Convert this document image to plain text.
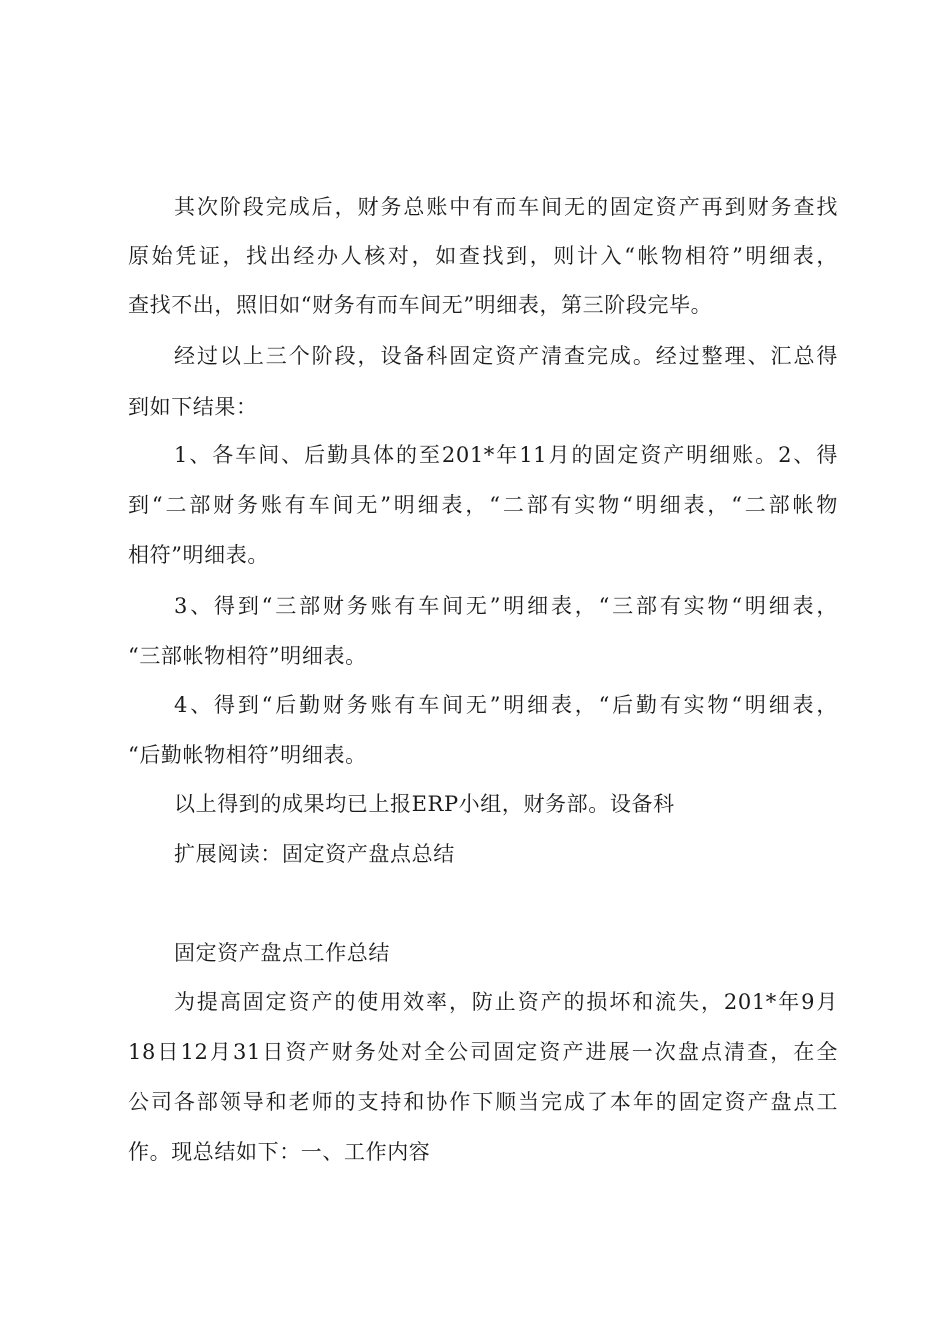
其次阶段完成后，财务总账中有而车间无的固定资产再到财务查找
原始凭证，找出经办人核对，如查找到，则计入“帐物相符”明细表，
查找不出，照旧如“财务有而车间无”明细表，第三阶段完毕。
经过以上三个阶段，设备科固定资产清查完成。经过整理、汇总得
到如下结果：
1、各车间、后勤具体的至201*年11月的固定资产明细账。2、得
到“二部财务账有车间无”明细表，“二部有实物“明细表，“二部帐物
相符”明细表。
3、得到“三部财务账有车间无”明细表，“三部有实物“明细表，
“三部帐物相符”明细表。
4、得到“后勤财务账有车间无”明细表，“后勤有实物“明细表，
“后勤帐物相符”明细表。
以上得到的成果均已上报ERP小组，财务部。设备科
扩展阅读：固定资产盘点总结
固定资产盘点工作总结
为提高固定资产的使用效率，防止资产的损坏和流失，201*年9月
18日12月31日资产财务处对全公司固定资产进展一次盘点清查，在全
公司各部领导和老师的支持和协作下顺当完成了本年的固定资产盘点工
作。现总结如下：一、工作内容
